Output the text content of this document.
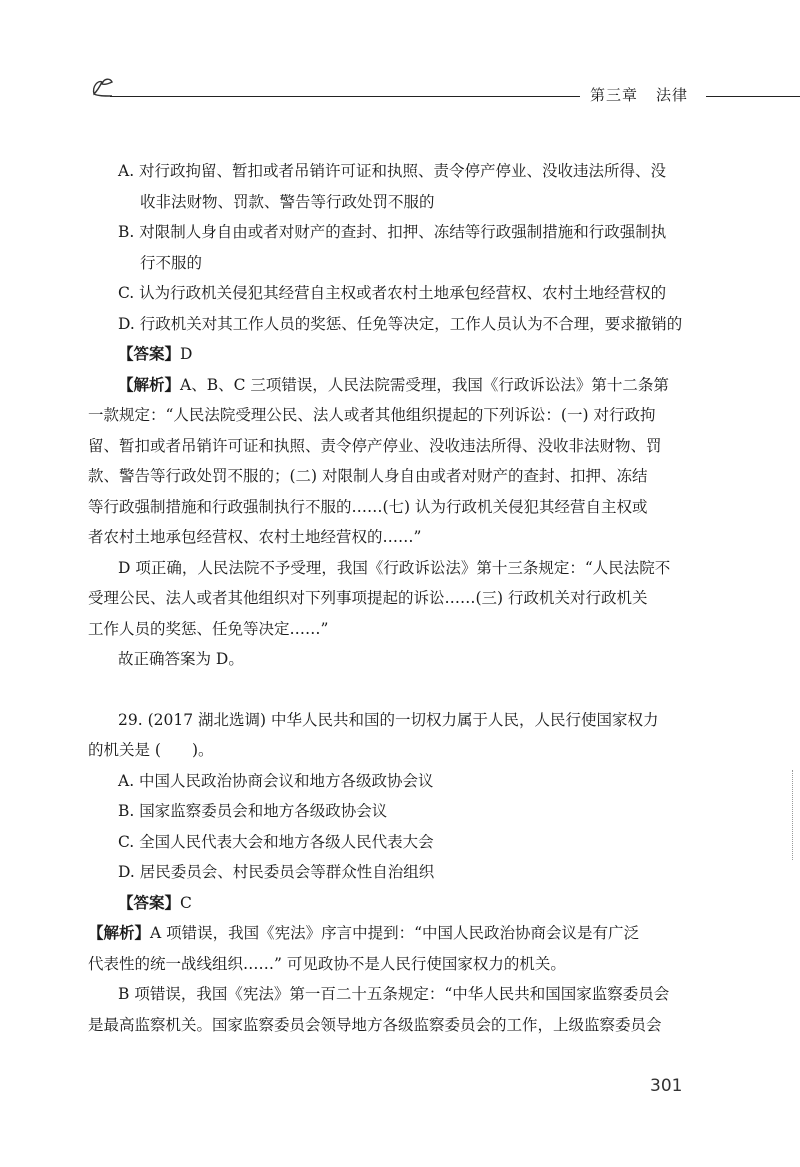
第三章 法律
A. 对行政拘留、暂扣或者吊销许可证和执照、责令停产停业、没收违法所得、没
收非法财物、罚款、警告等行政处罚不服的
B. 对限制人身自由或者对财产的查封、扣押、冻结等行政强制措施和行政强制执
行不服的
C. 认为行政机关侵犯其经营自主权或者农村土地承包经营权、农村土地经营权的
D. 行政机关对其工作人员的奖惩、任免等决定，工作人员认为不合理，要求撤销的
【答案】D
【解析】A、B、C 三项错误，人民法院需受理，我国《行政诉讼法》第十二条第
一款规定：“人民法院受理公民、法人或者其他组织提起的下列诉讼：(一) 对行政拘
留、暂扣或者吊销许可证和执照、责令停产停业、没收违法所得、没收非法财物、罚
款、警告等行政处罚不服的；(二) 对限制人身自由或者对财产的查封、扣押、冻结
等行政强制措施和行政强制执行不服的……(七) 认为行政机关侵犯其经营自主权或
者农村土地承包经营权、农村土地经营权的……”
D 项正确，人民法院不予受理，我国《行政诉讼法》第十三条规定：“人民法院不
受理公民、法人或者其他组织对下列事项提起的诉讼……(三) 行政机关对行政机关
工作人员的奖惩、任免等决定……”
故正确答案为 D。
29. (2017 湖北选调) 中华人民共和国的一切权力属于人民，人民行使国家权力
的机关是 (　　)。
A. 中国人民政治协商会议和地方各级政协会议
B. 国家监察委员会和地方各级政协会议
C. 全国人民代表大会和地方各级人民代表大会
D. 居民委员会、村民委员会等群众性自治组织
【答案】C
【解析】A 项错误，我国《宪法》序言中提到：“中国人民政治协商会议是有广泛
代表性的统一战线组织……” 可见政协不是人民行使国家权力的机关。
B 项错误，我国《宪法》第一百二十五条规定：“中华人民共和国国家监察委员会
是最高监察机关。国家监察委员会领导地方各级监察委员会的工作，上级监察委员会
301
